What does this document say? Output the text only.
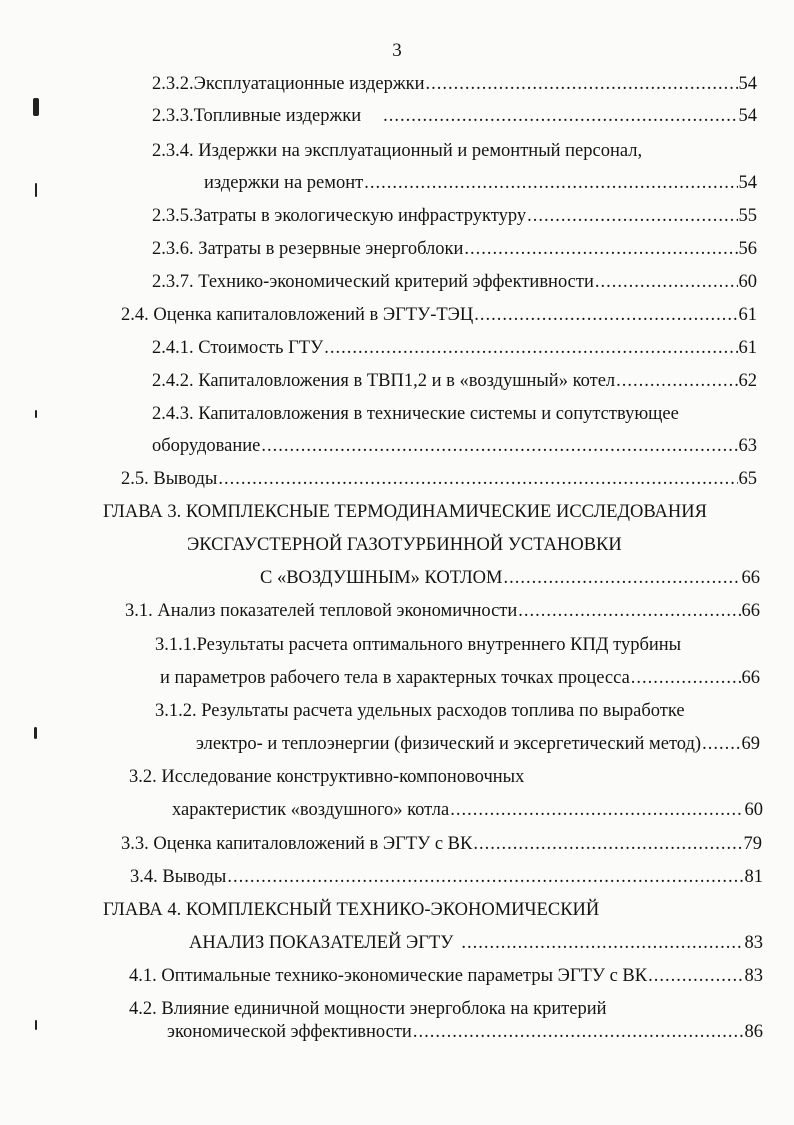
3
2.3.2.Эксплуатационные издержки .....	54
2.3.3.Топливные издержки .....	54
2.3.4. Издержки на эксплуатационный и ремонтный персонал,
издержки на ремонт .....	54
2.3.5.Затраты в экологическую инфраструктуру .....	55
2.3.6. Затраты в резервные энергоблоки .....	56
2.3.7. Технико-экономический критерий эффективности .....	60
2.4. Оценка капиталовложений в ЭГТУ-ТЭЦ .....	61
2.4.1. Стоимость ГТУ .....	61
2.4.2. Капиталовложения в ТВП1,2 и в «воздушный» котел .....	62
2.4.3. Капиталовложения в технические системы и сопутствующее
оборудование .....	63
2.5. Выводы .....	65
ГЛАВА 3. КОМПЛЕКСНЫЕ ТЕРМОДИНАМИЧЕСКИЕ ИССЛЕДОВАНИЯ
ЭКСГАУСТЕРНОЙ ГАЗОТУРБИННОЙ УСТАНОВКИ
С «ВОЗДУШНЫМ» КОТЛОМ .....	66
3.1. Анализ показателей тепловой экономичности .....	66
3.1.1.Результаты расчета оптимального внутреннего КПД турбины
и параметров рабочего тела в характерных точках процесса .....	66
3.1.2. Результаты расчета удельных расходов топлива по выработке
электро- и теплоэнергии (физический и эксергетический метод) ..... 69
3.2. Исследование конструктивно-компоновочных
характеристик «воздушного» котла .....	60
3.3. Оценка капиталовложений в ЭГТУ с ВК .....	79
3.4. Выводы .....	81
ГЛАВА 4. КОМПЛЕКСНЫЙ ТЕХНИКО-ЭКОНОМИЧЕСКИЙ
АНАЛИЗ ПОКАЗАТЕЛЕЙ ЭГТУ .....	83
4.1. Оптимальные технико-экономические параметры ЭГТУ с ВК .....	83
4.2. Влияние единичной мощности энергоблока на критерий
экономической эффективности .....	86
